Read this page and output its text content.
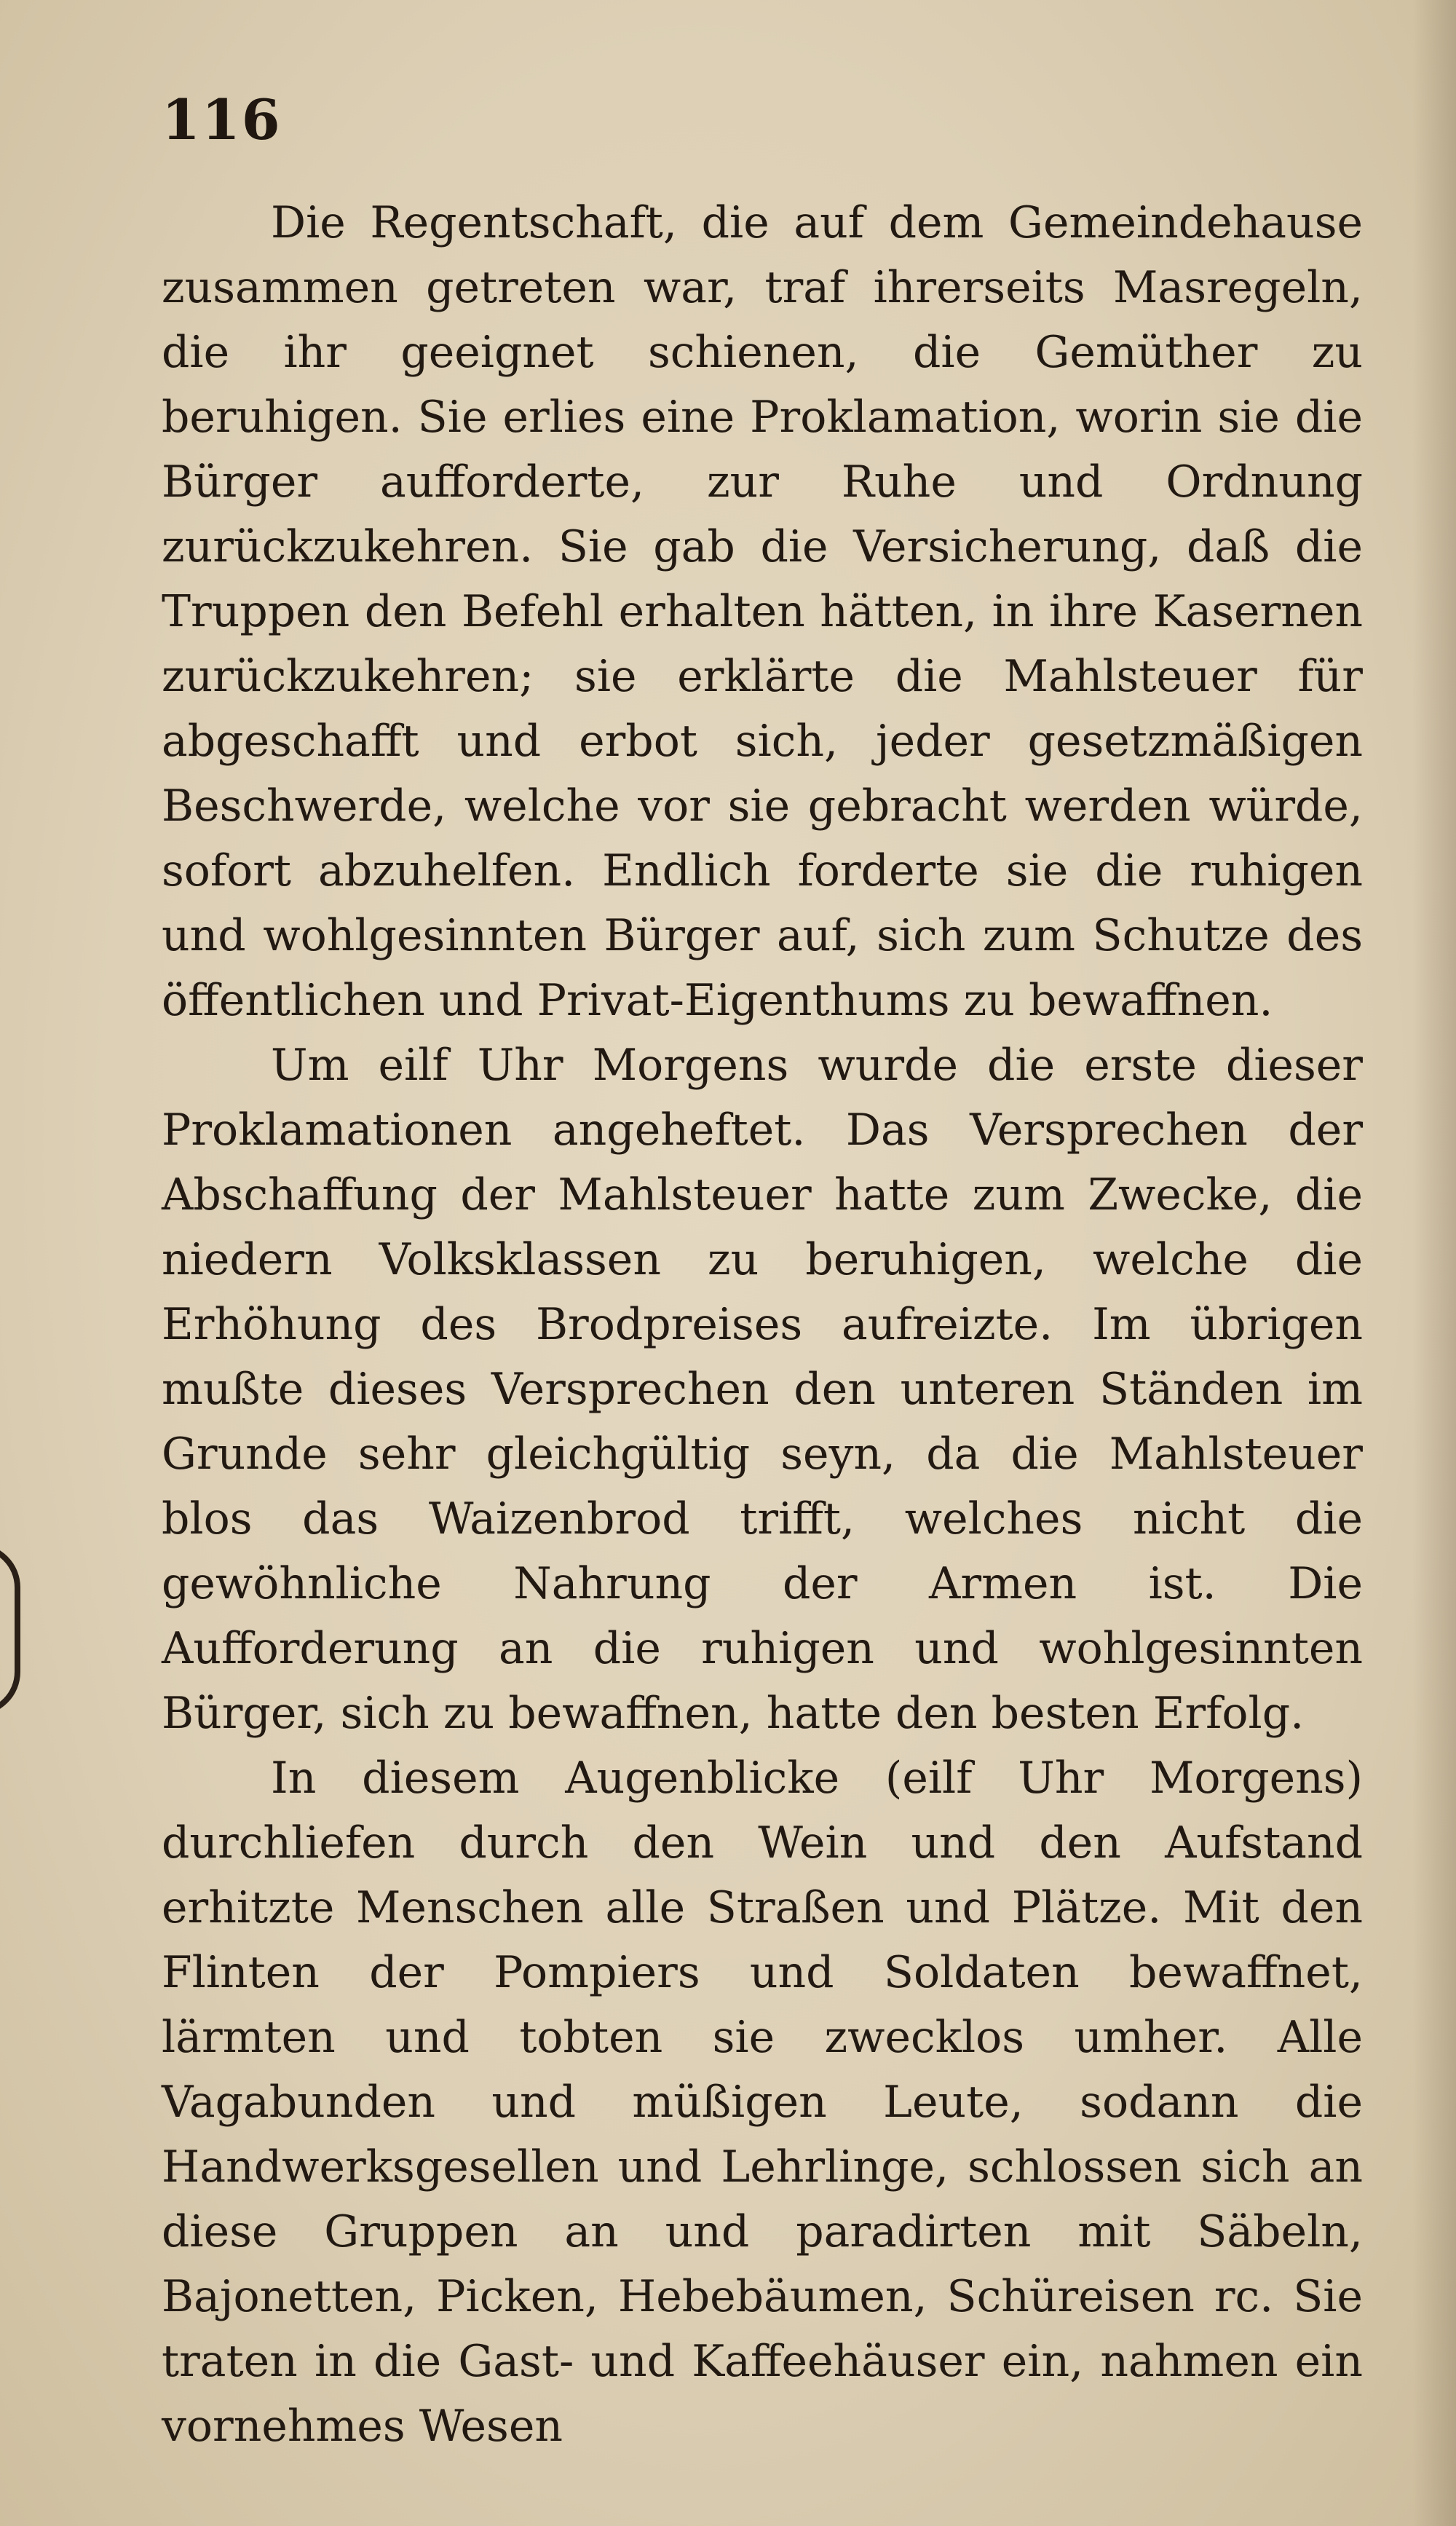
116

Die Regentschaft, die auf dem Gemeindehause zusammen getreten war, traf ihrerseits Masregeln, die ihr geeignet schienen, die Gemüther zu beruhigen. Sie erlies eine Proklamation, worin sie die Bürger aufforderte, zur Ruhe und Ordnung zurückzukehren. Sie gab die Versicherung, daß die Truppen den Befehl erhalten hätten, in ihre Kasernen zurückzukehren; sie erklärte die Mahlsteuer für abgeschafft und erbot sich, jeder gesetzmäßigen Beschwerde, welche vor sie gebracht werden würde, sofort abzuhelfen. Endlich forderte sie die ruhigen und wohlgesinnten Bürger auf, sich zum Schutze des öffentlichen und Privat-Eigenthums zu bewaffnen.

Um eilf Uhr Morgens wurde die erste dieser Proklamationen angeheftet. Das Versprechen der Abschaffung der Mahlsteuer hatte zum Zwecke, die niedern Volksklassen zu beruhigen, welche die Erhöhung des Brodpreises aufreizte. Im übrigen mußte dieses Versprechen den unteren Ständen im Grunde sehr gleichgültig seyn, da die Mahlsteuer blos das Waizenbrod trifft, welches nicht die gewöhnliche Nahrung der Armen ist. Die Aufforderung an die ruhigen und wohlgesinnten Bürger, sich zu bewaffnen, hatte den besten Erfolg.

In diesem Augenblicke (eilf Uhr Morgens) durchliefen durch den Wein und den Aufstand erhitzte Menschen alle Straßen und Plätze. Mit den Flinten der Pompiers und Soldaten bewaffnet, lärmten und tobten sie zwecklos umher. Alle Vagabunden und müßigen Leute, sodann die Handwerksgesellen und Lehrlinge, schlossen sich an diese Gruppen an und paradirten mit Säbeln, Bajonetten, Picken, Hebebäumen, Schüreisen rc. Sie traten in die Gast- und Kaffeehäuser ein, nahmen ein vornehmes Wesen
